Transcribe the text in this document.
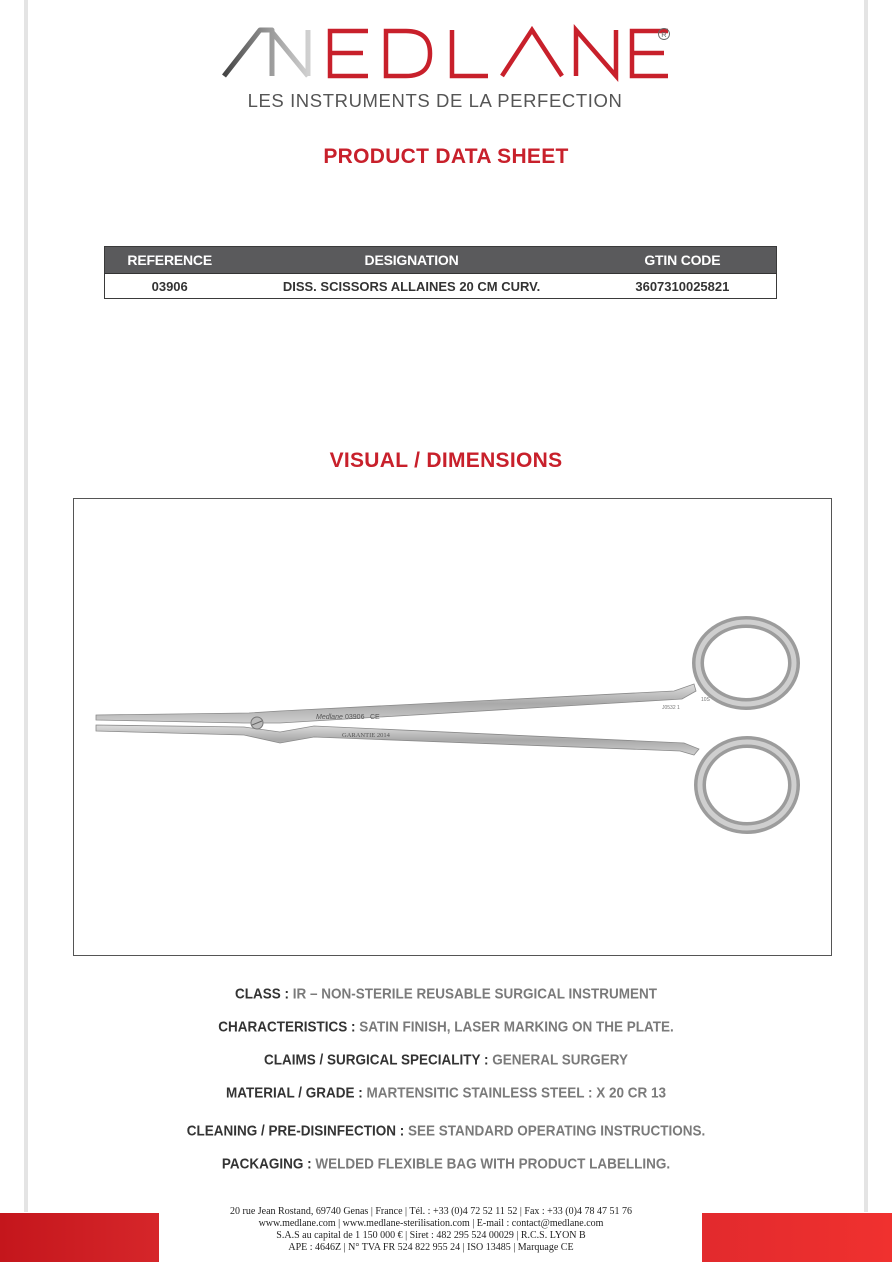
R
LES INSTRUMENTS DE LA PERFECTION
PRODUCT DATA SHEET
REFERENCE	DESIGNATION	GTIN CODE
03906	DISS. SCISSORS ALLAINES 20 CM CURV.	3607310025821
VISUAL / DIMENSIONS
Medlane 03906 CE
GARANTIE 2014
10S
J0532 1
CLASS : IR – NON-STERILE REUSABLE SURGICAL INSTRUMENT
CHARACTERISTICS : SATIN FINISH, LASER MARKING ON THE PLATE.
CLAIMS / SURGICAL SPECIALITY : GENERAL SURGERY
MATERIAL / GRADE : MARTENSITIC STAINLESS STEEL : X 20 CR 13
CLEANING / PRE-DISINFECTION : SEE STANDARD OPERATING INSTRUCTIONS.
PACKAGING : WELDED FLEXIBLE BAG WITH PRODUCT LABELLING.
20 rue Jean Rostand, 69740 Genas | France | Tél. : +33 (0)4 72 52 11 52 | Fax : +33 (0)4 78 47 51 76
www.medlane.com | www.medlane-sterilisation.com | E-mail : contact@medlane.com
S.A.S au capital de 1 150 000 € | Siret : 482 295 524 00029 | R.C.S. LYON B
APE : 4646Z | N° TVA FR 524 822 955 24 | ISO 13485 | Marquage CE
